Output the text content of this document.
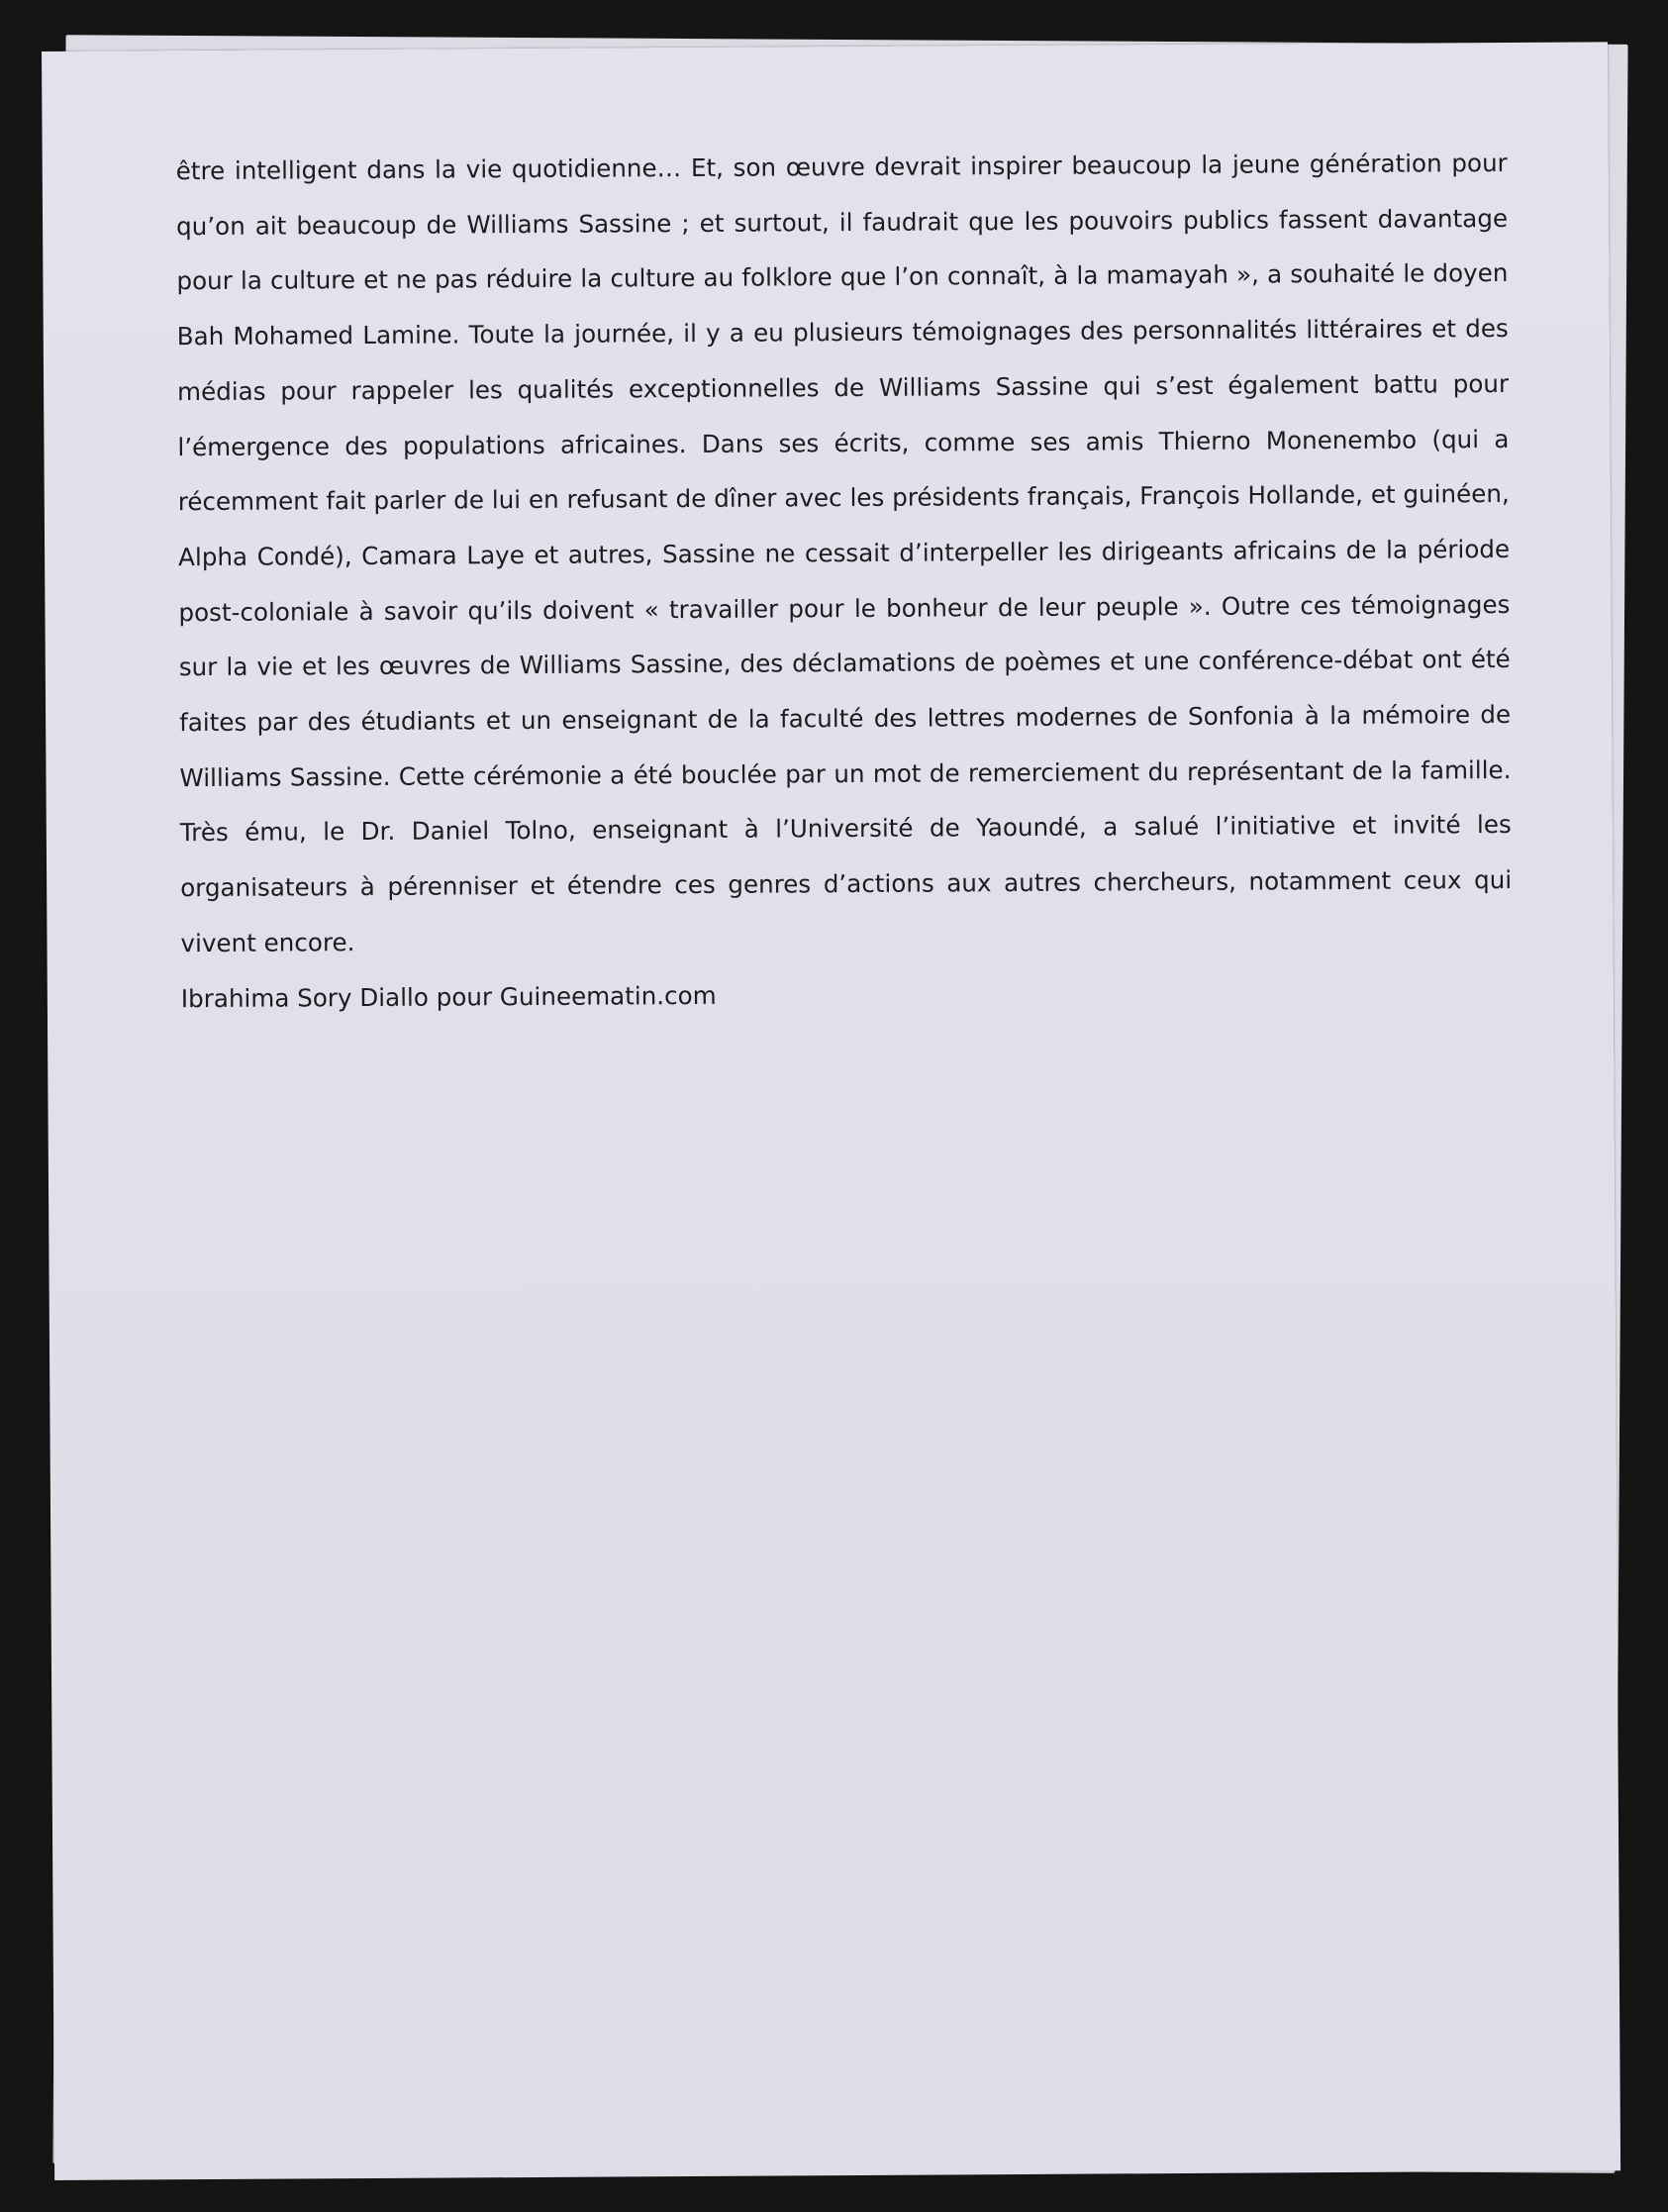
être intelligent dans la vie quotidienne… Et, son œuvre devrait inspirer beaucoup la jeune génération pour qu’on ait beaucoup de Williams Sassine ; et surtout, il faudrait que les pouvoirs publics fassent davantage pour la culture et ne pas réduire la culture au folklore que l’on connaît, à la mamayah », a souhaité le doyen Bah Mohamed Lamine. Toute la journée, il y a eu plusieurs témoignages des personnalités littéraires et des médias pour rappeler les qualités exceptionnelles de Williams Sassine qui s’est également battu pour l’émergence des populations africaines. Dans ses écrits, comme ses amis Thierno Monenembo (qui a récemment fait parler de lui en refusant de dîner avec les présidents français, François Hollande, et guinéen, Alpha Condé), Camara Laye et autres, Sassine ne cessait d’interpeller les dirigeants africains de la période post-coloniale à savoir qu’ils doivent « travailler pour le bonheur de leur peuple ». Outre ces témoignages sur la vie et les œuvres de Williams Sassine, des déclamations de poèmes et une conférence-débat ont été faites par des étudiants et un enseignant de la faculté des lettres modernes de Sonfonia à la mémoire de Williams Sassine. Cette cérémonie a été bouclée par un mot de remerciement du représentant de la famille. Très ému, le Dr. Daniel Tolno, enseignant à l’Université de Yaoundé, a salué l’initiative et invité les organisateurs à pérenniser et étendre ces genres d’actions aux autres chercheurs, notamment ceux qui vivent encore.
Ibrahima Sory Diallo pour Guineematin.com
